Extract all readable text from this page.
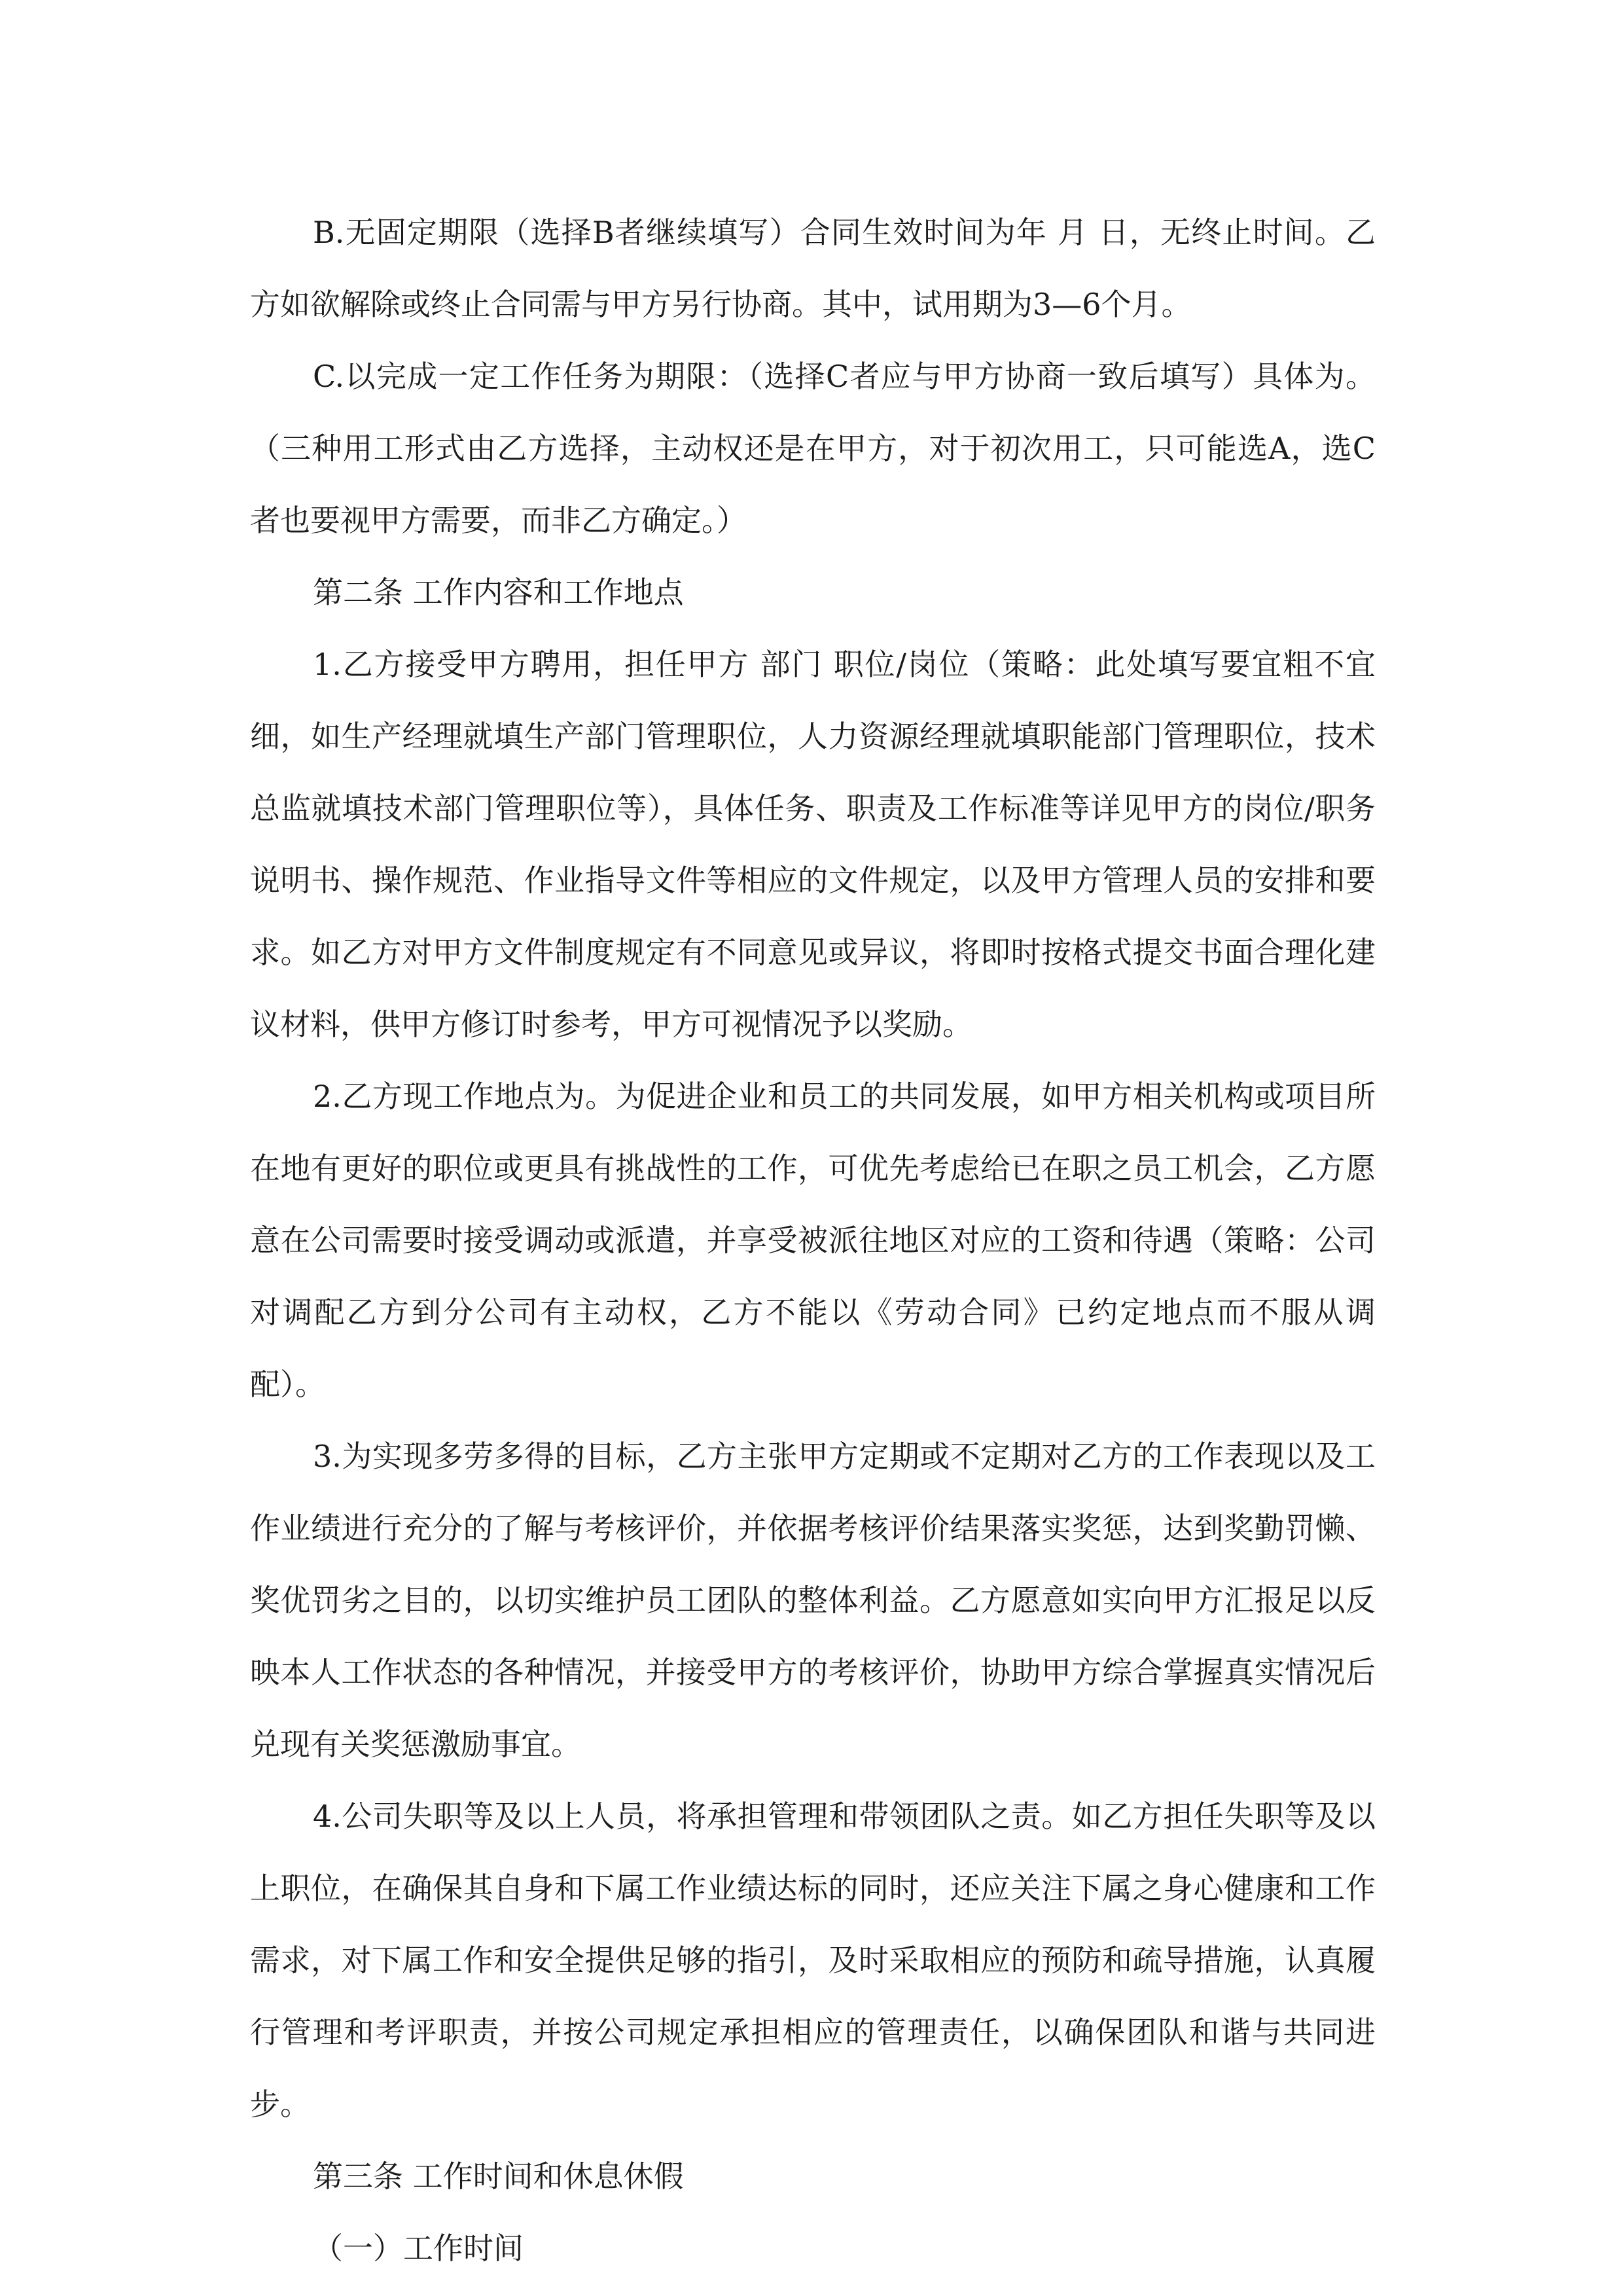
B.无固定期限（选择B者继续填写）合同生效时间为年 月 日，无终止时间。乙方如欲解除或终止合同需与甲方另行协商。其中，试用期为3—6个月。

C.以完成一定工作任务为期限：（选择C者应与甲方协商一致后填写）具体为。（三种用工形式由乙方选择，主动权还是在甲方，对于初次用工，只可能选A，选C者也要视甲方需要，而非乙方确定。）

第二条 工作内容和工作地点

1.乙方接受甲方聘用，担任甲方 部门 职位/岗位（策略：此处填写要宜粗不宜细，如生产经理就填生产部门管理职位，人力资源经理就填职能部门管理职位，技术总监就填技术部门管理职位等），具体任务、职责及工作标准等详见甲方的岗位/职务说明书、操作规范、作业指导文件等相应的文件规定，以及甲方管理人员的安排和要求。如乙方对甲方文件制度规定有不同意见或异议，将即时按格式提交书面合理化建议材料，供甲方修订时参考，甲方可视情况予以奖励。

2.乙方现工作地点为。为促进企业和员工的共同发展，如甲方相关机构或项目所在地有更好的职位或更具有挑战性的工作，可优先考虑给已在职之员工机会，乙方愿意在公司需要时接受调动或派遣，并享受被派往地区对应的工资和待遇（策略：公司对调配乙方到分公司有主动权，乙方不能以《劳动合同》已约定地点而不服从调配）。

3.为实现多劳多得的目标，乙方主张甲方定期或不定期对乙方的工作表现以及工作业绩进行充分的了解与考核评价，并依据考核评价结果落实奖惩，达到奖勤罚懒、奖优罚劣之目的，以切实维护员工团队的整体利益。乙方愿意如实向甲方汇报足以反映本人工作状态的各种情况，并接受甲方的考核评价，协助甲方综合掌握真实情况后兑现有关奖惩激励事宜。

4.公司失职等及以上人员，将承担管理和带领团队之责。如乙方担任失职等及以上职位，在确保其自身和下属工作业绩达标的同时，还应关注下属之身心健康和工作需求，对下属工作和安全提供足够的指引，及时采取相应的预防和疏导措施，认真履行管理和考评职责，并按公司规定承担相应的管理责任，以确保团队和谐与共同进步。

第三条 工作时间和休息休假

（一）工作时间
